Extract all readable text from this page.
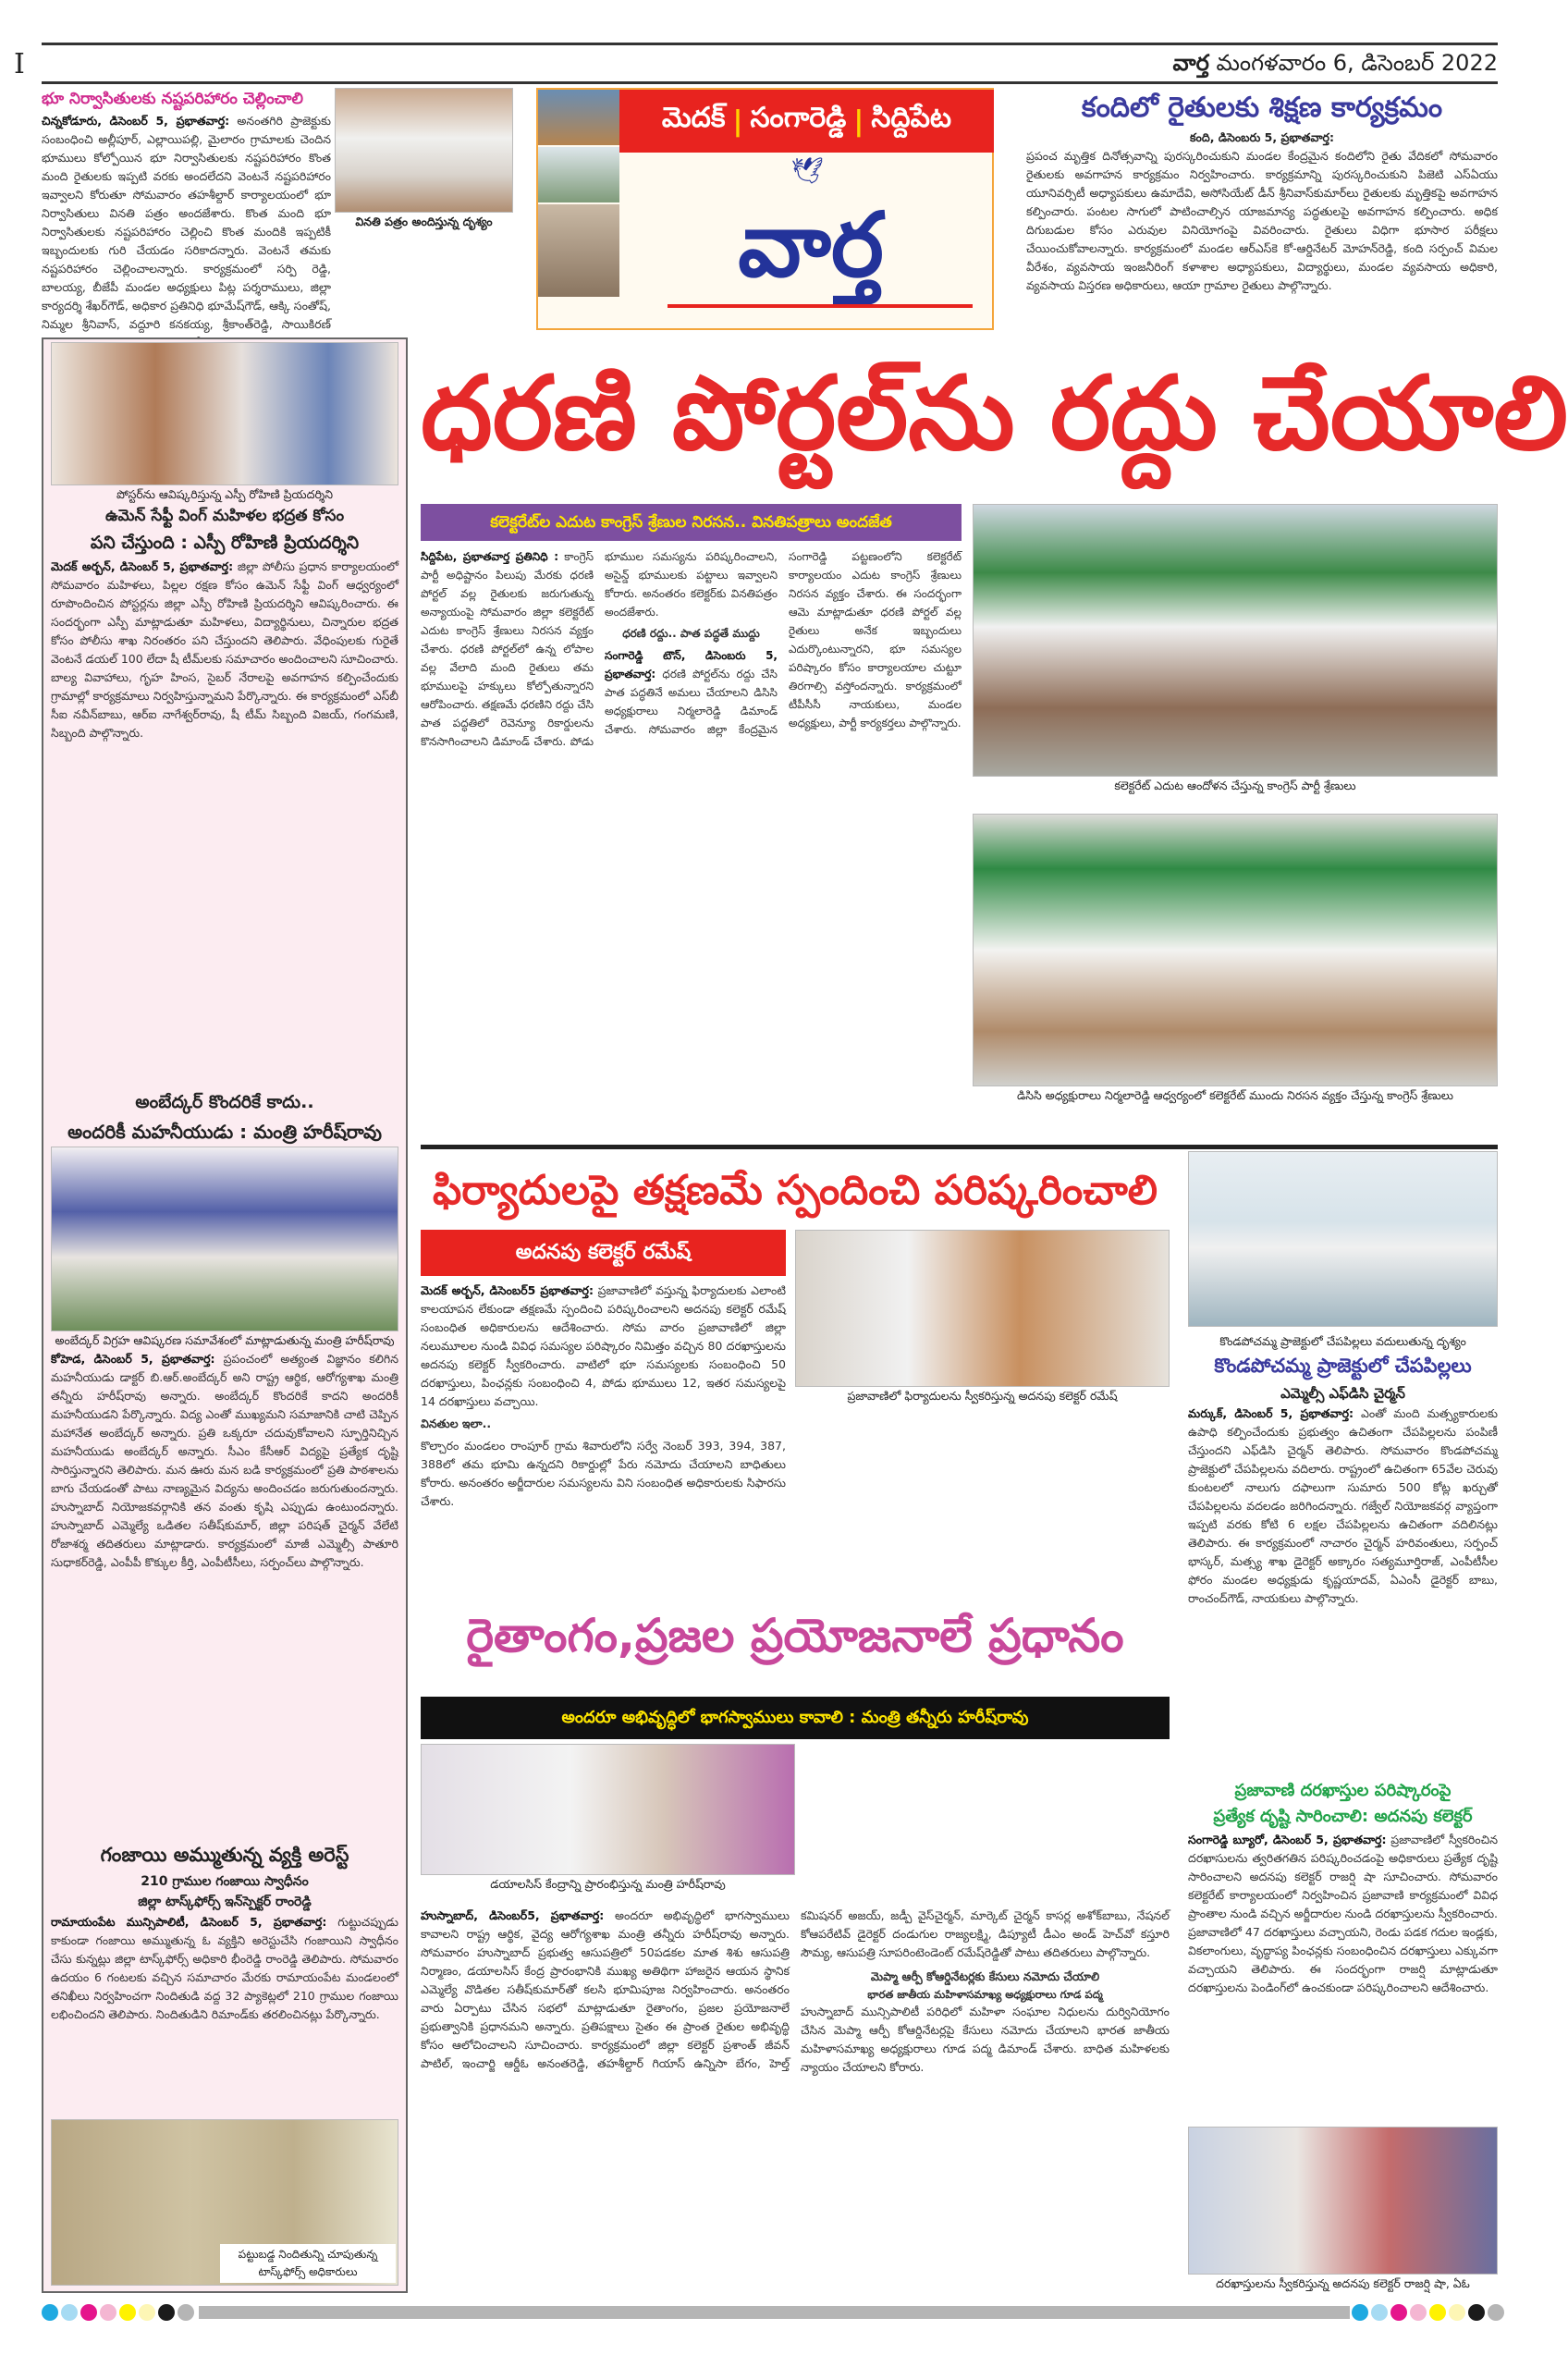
I	వార్త మంగళవారం 6, డిసెంబర్ 2022
భూ నిర్వాసితులకు నష్టపరిహారం చెల్లించాలి
చిన్నకోడూరు, డిసెంబర్ 5, ప్రభాతవార్త: అనంతగిరి ప్రాజెక్టుకు సంబంధించి అల్లీపూర్, ఎల్లాయిపల్లి, మైలారం గ్రామాలకు చెందిన భూములు కోల్పోయిన భూ నిర్వాసితులకు నష్టపరిహారం కొంత మంది రైతులకు ఇప్పటి వరకు అందలేదని వెంటనే నష్టపరిహారం ఇవ్వాలని కోరుతూ సోమవారం తహశీల్దార్ కార్యాలయంలో భూ నిర్వాసితులు వినతి పత్రం అందజేశారు. కొంత మంది భూ నిర్వాసితులకు నష్టపరిహారం చెల్లించి కొంత మందికి ఇప్పటికీ ఇబ్బందులకు గురి చేయడం సరికాదన్నారు. వెంటనే తమకు నష్టపరిహారం చెల్లించాలన్నారు. కార్యక్రమంలో సర్పి రెడ్డి, బాలయ్య, బీజేపీ మండల అధ్యక్షులు పిట్ల పర్శరాములు, జిల్లా కార్యదర్శి శేఖర్‌గౌడ్, అధికార ప్రతినిధి భూమేష్‌గౌడ్, ఆక్కి సంతోష్, నిమ్మల శ్రీనివాస్, వద్దూరి కనకయ్య, శ్రీకాంత్‌రెడ్డి, సాయికిరణ్
వినతి పత్రం అందిస్తున్న దృశ్యం
మెదక్ | సంగారెడ్డి | సిద్దిపేట
🕊
వార్త
కందిలో రైతులకు శిక్షణ కార్యక్రమం
కంది, డిసెంబరు 5, ప్రభాతవార్త:
ప్రపంచ మృత్తిక దినోత్సవాన్ని పురస్కరించుకుని మండల కేంద్రమైన కందిలోని రైతు వేదికలో సోమవారం రైతులకు అవగాహన కార్యక్రమం నిర్వహించారు. కార్యక్రమాన్ని పురస్కరించుకుని పిజెటి ఎస్ఏయు యూనివర్సిటీ అధ్యాపకులు ఉమాదేవి, అసోసియేట్ డీన్ శ్రీనివాస్‌కుమార్‌లు రైతులకు మృత్తికపై అవగాహన కల్పించారు. పంటల సాగులో పాటించాల్సిన యాజమాన్య పద్ధతులపై అవగాహన కల్పించారు. అధిక దిగుబడుల కోసం ఎరువుల వినియోగంపై వివరించారు. రైతులు విధిగా భూసార పరీక్షలు చేయించుకోవాలన్నారు. కార్యక్రమంలో మండల ఆర్‌ఎస్‌కె కో-ఆర్డినేటర్ మోహన్‌రెడ్డి, కంది సర్పంచ్ విమల వీరేశం, వ్యవసాయ ఇంజనీరింగ్ కళాశాల అధ్యాపకులు, విద్యార్థులు, మండల వ్యవసాయ అధికారి, వ్యవసాయ విస్తరణ అధికారులు, ఆయా గ్రామాల రైతులు పాల్గొన్నారు.
పోస్టర్‌ను ఆవిష్కరిస్తున్న ఎస్పీ రోహిణి ప్రియదర్శిని
ఉమెన్ సేఫ్టీ వింగ్ మహిళల భద్రత కోసం
పని చేస్తుంది : ఎస్పీ రోహిణి ప్రియదర్శిని
మెదక్ అర్బన్, డిసెంబర్ 5, ప్రభాతవార్త: జిల్లా పోలీసు ప్రధాన కార్యాలయంలో సోమవారం మహిళలు, పిల్లల రక్షణ కోసం ఉమెన్ సేఫ్టీ వింగ్ ఆధ్వర్యంలో రూపొందించిన పోస్టర్లను జిల్లా ఎస్పీ రోహిణి ప్రియదర్శిని ఆవిష్కరించారు. ఈ సందర్భంగా ఎస్పీ మాట్లాడుతూ మహిళలు, విద్యార్థినులు, చిన్నారుల భద్రత కోసం పోలీసు శాఖ నిరంతరం పని చేస్తుందని తెలిపారు. వేధింపులకు గురైతే వెంటనే డయల్ 100 లేదా షీ టీమ్‌లకు సమాచారం అందించాలని సూచించారు. బాల్య వివాహాలు, గృహ హింస, సైబర్ నేరాలపై అవగాహన కల్పించేందుకు గ్రామాల్లో కార్యక్రమాలు నిర్వహిస్తున్నామని పేర్కొన్నారు. ఈ కార్యక్రమంలో ఎస్‌బీ సీఐ నవీన్‌బాబు, ఆర్ఐ నాగేశ్వర్‌రావు, షీ టీమ్ సిబ్బంది విజయ్, గంగమణి, సిబ్బంది పాల్గొన్నారు.
అంబేద్కర్ కొందరికే కాదు..
అందరికీ మహనీయుడు : మంత్రి హరీష్‌రావు
అంబేద్కర్ విగ్రహ ఆవిష్కరణ సమావేశంలో మాట్లాడుతున్న మంత్రి హరీష్‌రావు
కోహెడ, డిసెంబర్ 5, ప్రభాతవార్త: ప్రపంచంలో అత్యంత విజ్ఞానం కలిగిన మహనీయుడు డాక్టర్ బి.ఆర్.అంబేద్కర్ అని రాష్ట్ర ఆర్థిక, ఆరోగ్యశాఖ మంత్రి తన్నీరు హరీష్‌రావు అన్నారు. అంబేద్కర్ కొందరికే కాదని అందరికీ మహనీయుడని పేర్కొన్నారు. విద్య ఎంతో ముఖ్యమని సమాజానికి చాటి చెప్పిన మహానేత అంబేద్కర్ అన్నారు. ప్రతి ఒక్కరూ చదువుకోవాలని స్ఫూర్తినిచ్చిన మహనీయుడు అంబేద్కర్ అన్నారు. సీఎం కేసీఆర్ విద్యపై ప్రత్యేక దృష్టి సారిస్తున్నారని తెలిపారు. మన ఊరు మన బడి కార్యక్రమంలో ప్రతి పాఠశాలను బాగు చేయడంతో పాటు నాణ్యమైన విద్యను అందించడం జరుగుతుందన్నారు. హుస్నాబాద్ నియోజకవర్గానికి తన వంతు కృషి ఎప్పుడు ఉంటుందన్నారు. హుస్నాబాద్ ఎమ్మెల్యే ఒడితల సతీష్‌కుమార్, జిల్లా పరిషత్ చైర్మన్ వేలేటి రోజాశర్మ తదితరులు మాట్లాడారు. కార్యక్రమంలో మాజీ ఎమ్మెల్సీ పాతూరి సుధాకర్‌రెడ్డి, ఎంపీపీ కొక్కుల కీర్తి, ఎంపీటీసీలు, సర్పంచ్‌లు పాల్గొన్నారు.
గంజాయి అమ్ముతున్న వ్యక్తి అరెస్ట్
210 గ్రాముల గంజాయి స్వాధీనం
జిల్లా టాస్క్‌ఫోర్స్ ఇన్‌స్పెక్టర్ రాంరెడ్డి
రామాయంపేట మున్సిపాలిటీ, డిసెంబర్ 5, ప్రభాతవార్త: గుట్టుచప్పుడు కాకుండా గంజాయి అమ్ముతున్న ఓ వ్యక్తిని అరెస్టుచేసి గంజాయిని స్వాధీనం చేసు కున్నట్లు జిల్లా టాస్క్‌ఫోర్స్ అధికారి భీంరెడ్డి రాంరెడ్డి తెలిపారు. సోమవారం ఉదయం 6 గంటలకు వచ్చిన సమాచారం మేరకు రామాయంపేట మండలంలో తనిఖీలు నిర్వహించగా నిందితుడి వద్ద 32 ప్యాకెట్లలో 210 గ్రాముల గంజాయి లభించిందని తెలిపారు. నిందితుడిని రిమాండ్‌కు తరలించినట్లు పేర్కొన్నారు.
పట్టుబడ్డ నిందితున్ని చూపుతున్న టాస్క్‌ఫోర్స్ అధికారులు
ధరణి పోర్టల్‌ను రద్దు చేయాలి
కలెక్టరేట్‌ల ఎదుట కాంగ్రెస్ శ్రేణుల నిరసన.. వినతిపత్రాలు అందజేత
సిద్దిపేట, ప్రభాతవార్త ప్రతినిధి : కాంగ్రెస్ పార్టీ అధిష్టానం పిలుపు మేరకు ధరణి పోర్టల్ వల్ల రైతులకు జరుగుతున్న అన్యాయంపై సోమవారం జిల్లా కలెక్టరేట్ ఎదుట కాంగ్రెస్ శ్రేణులు నిరసన వ్యక్తం చేశారు. ధరణి పోర్టల్‌లో ఉన్న లోపాల వల్ల వేలాది మంది రైతులు తమ భూములపై హక్కులు కోల్పోతున్నారని ఆరోపించారు. తక్షణమే ధరణిని రద్దు చేసి పాత పద్ధతిలో రెవెన్యూ రికార్డులను కొనసాగించాలని డిమాండ్ చేశారు. పోడు భూముల సమస్యను పరిష్కరించాలని, అసైన్డ్ భూములకు పట్టాలు ఇవ్వాలని కోరారు. అనంతరం కలెక్టర్‌కు వినతిపత్రం అందజేశారు.
ధరణి రద్దు.. పాత పద్ధతే ముద్దు
సంగారెడ్డి టౌన్, డిసెంబరు 5, ప్రభాతవార్త: ధరణి పోర్టల్‌ను రద్దు చేసి పాత పద్ధతినే అమలు చేయాలని డిసిసి అధ్యక్షురాలు నిర్మలారెడ్డి డిమాండ్ చేశారు. సోమవారం జిల్లా కేంద్రమైన సంగారెడ్డి పట్టణంలోని కలెక్టరేట్ కార్యాలయం ఎదుట కాంగ్రెస్ శ్రేణులు నిరసన వ్యక్తం చేశారు. ఈ సందర్భంగా ఆమె మాట్లాడుతూ ధరణి పోర్టల్ వల్ల రైతులు అనేక ఇబ్బందులు ఎదుర్కొంటున్నారని, భూ సమస్యల పరిష్కారం కోసం కార్యాలయాల చుట్టూ తిరగాల్సి వస్తోందన్నారు. కార్యక్రమంలో టీపీసీసీ నాయకులు, మండల అధ్యక్షులు, పార్టీ కార్యకర్తలు పాల్గొన్నారు.
కలెక్టరేట్ ఎదుట ఆందోళన చేస్తున్న కాంగ్రెస్ పార్టీ శ్రేణులు
డిసిసి అధ్యక్షురాలు నిర్మలారెడ్డి ఆధ్వర్యంలో కలెక్టరేట్ ముందు నిరసన వ్యక్తం చేస్తున్న కాంగ్రెస్ శ్రేణులు
ఫిర్యాదులపై తక్షణమే స్పందించి పరిష్కరించాలి
అదనపు కలెక్టర్ రమేష్
మెదక్ అర్బన్, డిసెంబర్5 ప్రభాతవార్త: ప్రజావాణిలో వస్తున్న ఫిర్యాదులకు ఎలాంటి కాలయాపన లేకుండా తక్షణమే స్పందించి పరిష్కరించాలని అదనపు కలెక్టర్ రమేష్ సంబంధిత అధికారులను ఆదేశించారు. సోమ వారం ప్రజావాణిలో జిల్లా నలుమూలల నుండి వివిధ సమస్యల పరిష్కారం నిమిత్తం వచ్చిన 80 దరఖాస్తులను అదనపు కలెక్టర్ స్వీకరించారు. వాటిలో భూ సమస్యలకు సంబంధించి 50 దరఖాస్తులు, పింఛన్లకు సంబంధించి 4, పోడు భూములు 12, ఇతర సమస్యలపై 14 దరఖాస్తులు వచ్చాయి.
వినతుల ఇలా..
కొల్చారం మండలం రాంపూర్ గ్రామ శివారులోని సర్వే నెంబర్ 393, 394, 387, 388లో తమ భూమి ఉన్నదని రికార్డుల్లో పేరు నమోదు చేయాలని బాధితులు కోరారు. అనంతరం అర్జీదారుల సమస్యలను విని సంబంధిత అధికారులకు సిఫారసు చేశారు.
ప్రజావాణిలో ఫిర్యాదులను స్వీకరిస్తున్న అదనపు కలెక్టర్ రమేష్
కొండపోచమ్మ ప్రాజెక్టులో చేపపిల్లలు వదులుతున్న దృశ్యం
కొండపోచమ్మ ప్రాజెక్టులో చేపపిల్లలు
ఎమ్మెల్సీ ఎఫ్‌డిసి చైర్మన్
మర్కుక్, డిసెంబర్ 5, ప్రభాతవార్త: ఎంతో మంది మత్స్యకారులకు ఉపాధి కల్పించేందుకు ప్రభుత్వం ఉచితంగా చేపపిల్లలను పంపిణీ చేస్తుందని ఎఫ్‌డిసి చైర్మన్ తెలిపారు. సోమవారం కొండపోచమ్మ ప్రాజెక్టులో చేపపిల్లలను వదిలారు. రాష్ట్రంలో ఉచితంగా 65వేల చెరువు కుంటలలో నాలుగు దఫాలుగా సుమారు 500 కోట్ల ఖర్చుతో చేపపిల్లలను వదలడం జరిగిందన్నారు. గజ్వేల్ నియోజకవర్గ వ్యాప్తంగా ఇప్పటి వరకు కోటి 6 లక్షల చేపపిల్లలను ఉచితంగా వదిలినట్లు తెలిపారు. ఈ కార్యక్రమంలో నాచారం చైర్మన్ హరివంతులు, సర్పంచ్ భాస్కర్, మత్స్య శాఖ డైరెక్టర్ అక్కారం సత్యమూర్తిరాజ్, ఎంపీటీసీల ఫోరం మండల అధ్యక్షుడు కృష్ణయాదవ్, ఏఎంసీ డైరెక్టర్ బాబు, రాంచంద్‌గౌడ్, నాయకులు పాల్గొన్నారు.
ప్రజావాణి దరఖాస్తుల పరిష్కారంపై
ప్రత్యేక దృష్టి సారించాలి: అదనపు కలెక్టర్
సంగారెడ్డి బ్యూరో, డిసెంబర్ 5, ప్రభాతవార్త: ప్రజావాణిలో స్వీకరించిన దరఖాసులను త్వరితగతిన పరిష్కరించడంపై అధికారులు ప్రత్యేక దృష్టి సారించాలని అదనపు కలెక్టర్ రాజర్షి షా సూచించారు. సోమవారం కలెక్టరేట్ కార్యాలయంలో నిర్వహించిన ప్రజావాణి కార్యక్రమంలో వివిధ ప్రాంతాల నుండి వచ్చిన అర్జీదారుల నుండి దరఖాస్తులను స్వీకరించారు. ప్రజావాణిలో 47 దరఖాస్తులు వచ్చాయని, రెండు పడక గదుల ఇండ్లకు, వికలాంగులు, వృద్ధాప్య పింఛన్లకు సంబంధించిన దరఖాస్తులు ఎక్కువగా వచ్చాయని తెలిపారు. ఈ సందర్భంగా రాజర్షి మాట్లాడుతూ దరఖాస్తులను పెండింగ్‌లో ఉంచకుండా పరిష్కరించాలని ఆదేశించారు.
దరఖాస్తులను స్వీకరిస్తున్న అదనపు కలెక్టర్ రాజర్షి షా, ఏఓ
రైతాంగం,ప్రజల ప్రయోజనాలే ప్రధానం
అందరూ అభివృద్ధిలో భాగస్వాములు కావాలి : మంత్రి తన్నీరు హరీష్‌రావు
డయాలసిస్ కేంద్రాన్ని ప్రారంభిస్తున్న మంత్రి హరీష్‌రావు
హుస్నాబాద్, డిసెంబర్5, ప్రభాతవార్త: అందరూ అభివృద్ధిలో భాగస్వాములు కావాలని రాష్ట్ర ఆర్థిక, వైద్య ఆరోగ్యశాఖ మంత్రి తన్నీరు హరీష్‌రావు అన్నారు. సోమవారం హుస్నాబాద్ ప్రభుత్వ ఆసుపత్రిలో 50పడకల మాత శిశు ఆసుపత్రి నిర్మాణం, డయాలసిస్ కేంద్ర ప్రారంభానికి ముఖ్య అతిథిగా హాజరైన ఆయన స్థానిక ఎమ్మెల్యే వొడితల సతీష్‌కుమార్‌తో కలసి భూమిపూజ నిర్వహించారు. అనంతరం వారు ఏర్పాటు చేసిన సభలో మాట్లాడుతూ రైతాంగం, ప్రజల ప్రయోజనాలే ప్రభుత్వానికి ప్రధానమని అన్నారు. ప్రతిపక్షాలు సైతం ఈ ప్రాంత రైతుల అభివృద్ధి కోసం ఆలోచించాలని సూచించారు. కార్యక్రమంలో జిల్లా కలెక్టర్ ప్రశాంత్ జీవన్ పాటిల్, ఇంచార్జి ఆర్డీఓ అనంతరెడ్డి, తహశీల్దార్ గియాస్ ఉన్నిసా బేగం, హెల్త్ కమిషనర్ అజయ్, జడ్పీ వైస్‌చైర్మన్, మార్కెట్ చైర్మన్ కాసర్ల అశోక్‌బాబు, నేషనల్ కోఆపరేటివ్ డైరెక్టర్ దండుగుల రాజ్యలక్ష్మి, డిప్యూటీ డీఎం అండ్ హెచ్‌వో కస్తూరి సౌమ్య, ఆసుపత్రి సూపరింటెండెంట్ రమేష్‌రెడ్డితో పాటు తదితరులు పాల్గొన్నారు.
మెప్మా ఆర్పీ కోఆర్డినేటర్లకు కేసులు నమోదు చేయాలి
భారత జాతీయ మహిళాసమాఖ్య అధ్యక్షురాలు గూడ పద్మ
హుస్నాబాద్ మున్సిపాలిటీ పరిధిలో మహిళా సంఘాల నిధులను దుర్వినియోగం చేసిన మెప్మా ఆర్పీ కోఆర్డినేటర్లపై కేసులు నమోదు చేయాలని భారత జాతీయ మహిళాసమాఖ్య అధ్యక్షురాలు గూడ పద్మ డిమాండ్ చేశారు. బాధిత మహిళలకు న్యాయం చేయాలని కోరారు.
